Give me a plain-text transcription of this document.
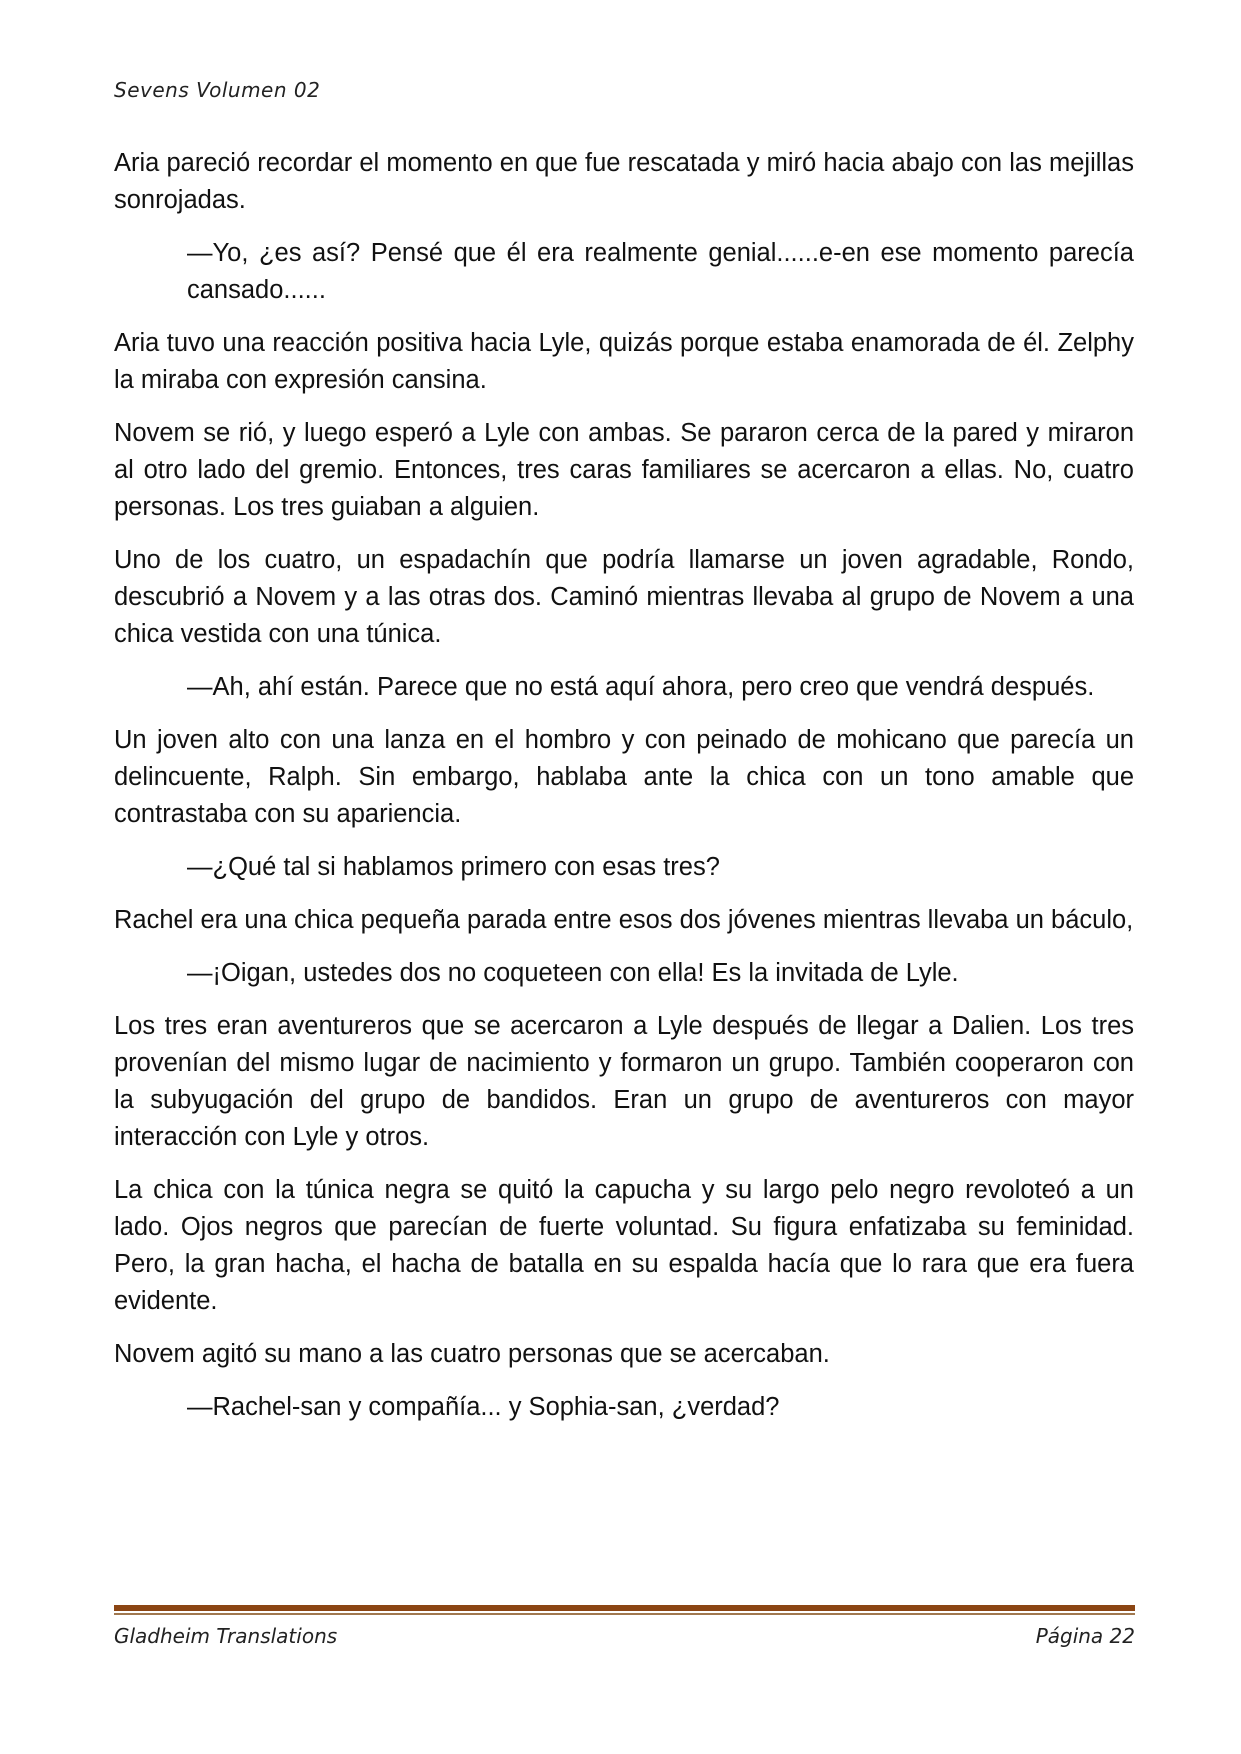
Sevens Volumen 02

Aria pareció recordar el momento en que fue rescatada y miró hacia abajo con las mejillas sonrojadas.

—Yo, ¿es así? Pensé que él era realmente genial......e-en ese momento parecía cansado......

Aria tuvo una reacción positiva hacia Lyle, quizás porque estaba enamorada de él. Zelphy la miraba con expresión cansina.

Novem se rió, y luego esperó a Lyle con ambas. Se pararon cerca de la pared y miraron al otro lado del gremio. Entonces, tres caras familiares se acercaron a ellas. No, cuatro personas. Los tres guiaban a alguien.

Uno de los cuatro, un espadachín que podría llamarse un joven agradable, Rondo, descubrió a Novem y a las otras dos. Caminó mientras llevaba al grupo de Novem a una chica vestida con una túnica.

—Ah, ahí están. Parece que no está aquí ahora, pero creo que vendrá después.

Un joven alto con una lanza en el hombro y con peinado de mohicano que parecía un delincuente, Ralph. Sin embargo, hablaba ante la chica con un tono amable que contrastaba con su apariencia.

—¿Qué tal si hablamos primero con esas tres?

Rachel era una chica pequeña parada entre esos dos jóvenes mientras llevaba un báculo,

—¡Oigan, ustedes dos no coqueteen con ella! Es la invitada de Lyle.

Los tres eran aventureros que se acercaron a Lyle después de llegar a Dalien. Los tres provenían del mismo lugar de nacimiento y formaron un grupo. También cooperaron con la subyugación del grupo de bandidos. Eran un grupo de aventureros con mayor interacción con Lyle y otros.

La chica con la túnica negra se quitó la capucha y su largo pelo negro revoloteó a un lado. Ojos negros que parecían de fuerte voluntad. Su figura enfatizaba su feminidad. Pero, la gran hacha, el hacha de batalla en su espalda hacía que lo rara que era fuera evidente.

Novem agitó su mano a las cuatro personas que se acercaban.

—Rachel-san y compañía... y Sophia-san, ¿verdad?

Gladheim Translations	Página 22
